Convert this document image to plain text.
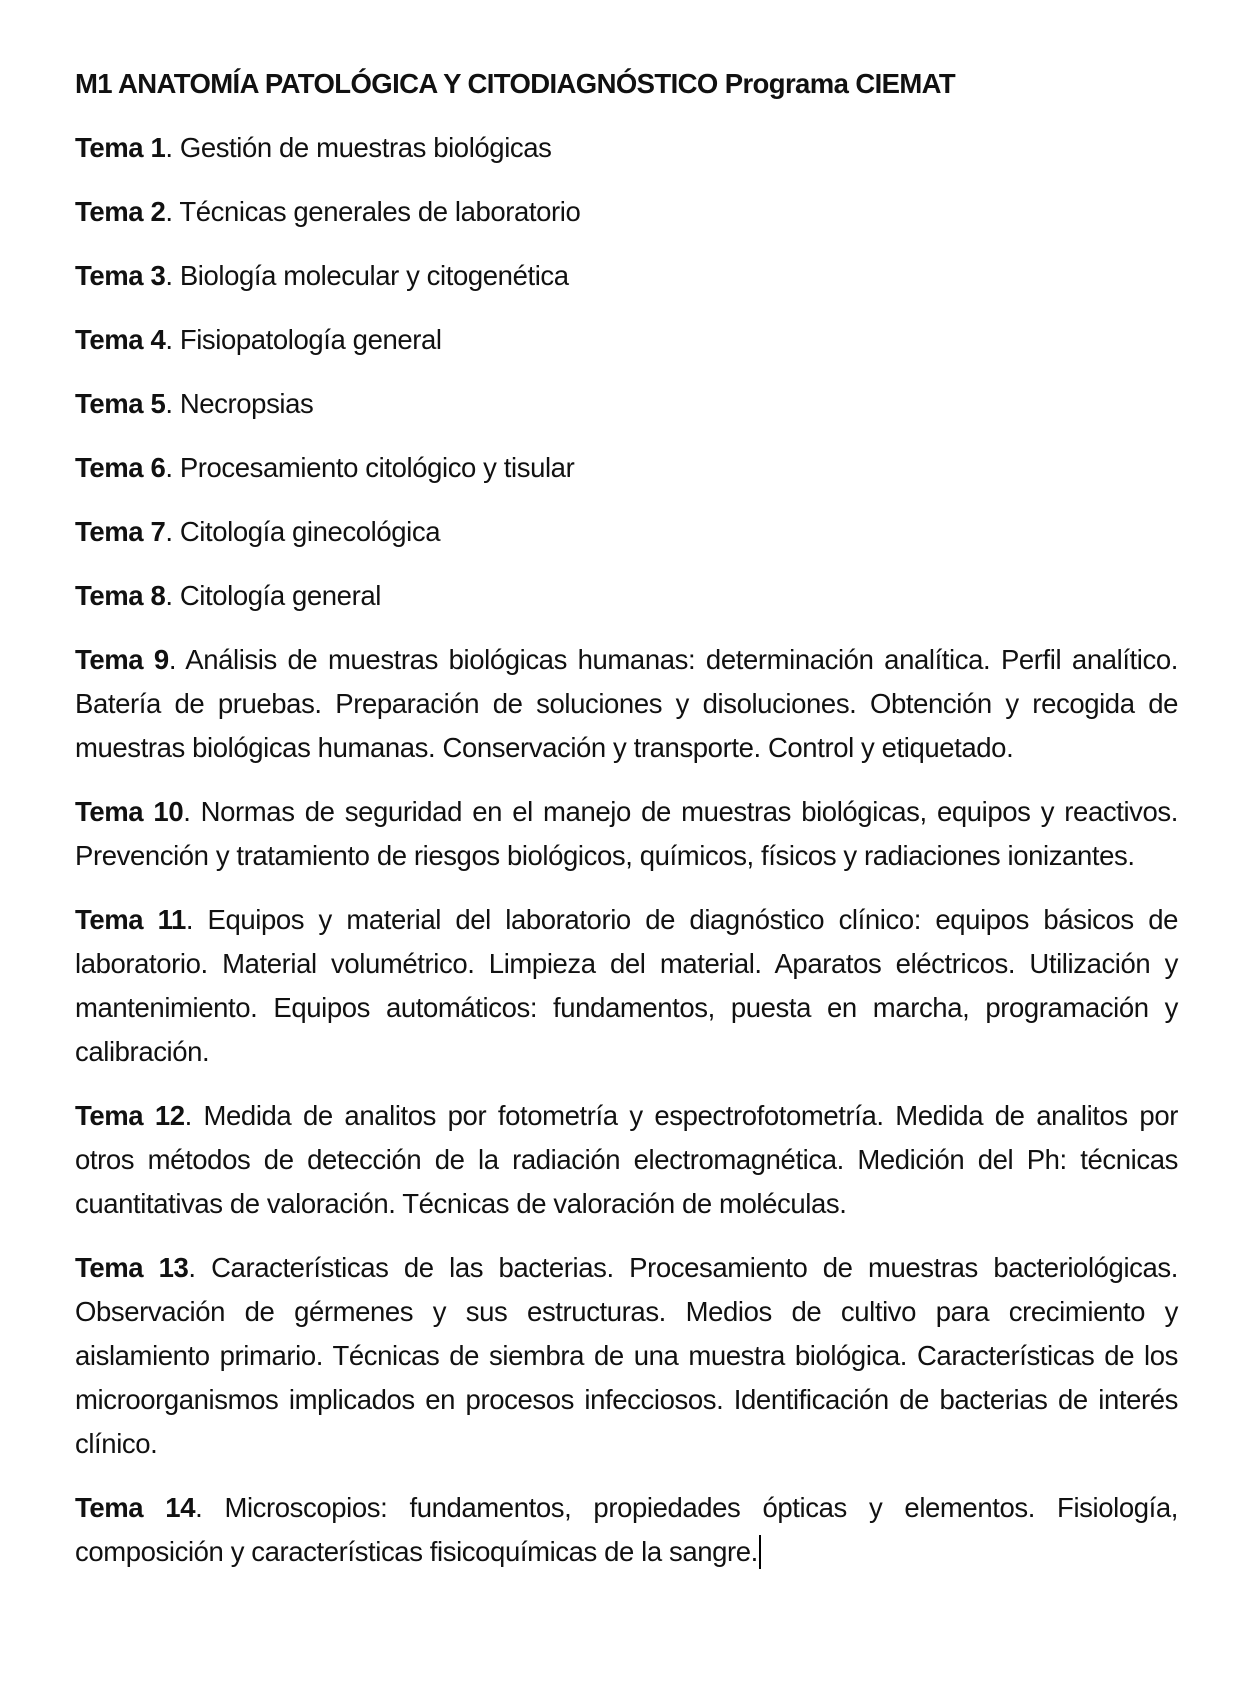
M1 ANATOMÍA PATOLÓGICA Y CITODIAGNÓSTICO Programa CIEMAT

Tema 1. Gestión de muestras biológicas

Tema 2. Técnicas generales de laboratorio

Tema 3. Biología molecular y citogenética

Tema 4. Fisiopatología general

Tema 5. Necropsias

Tema 6. Procesamiento citológico y tisular

Tema 7. Citología ginecológica

Tema 8. Citología general

Tema 9. Análisis de muestras biológicas humanas: determinación analítica. Perfil analítico. Batería de pruebas. Preparación de soluciones y disoluciones. Obtención y recogida de muestras biológicas humanas. Conservación y transporte. Control y etiquetado.

Tema 10. Normas de seguridad en el manejo de muestras biológicas, equipos y reactivos. Prevención y tratamiento de riesgos biológicos, químicos, físicos y radiaciones ionizantes.

Tema 11. Equipos y material del laboratorio de diagnóstico clínico: equipos básicos de laboratorio. Material volumétrico. Limpieza del material. Aparatos eléctricos. Utilización y mantenimiento. Equipos automáticos: fundamentos, puesta en marcha, programación y calibración.

Tema 12. Medida de analitos por fotometría y espectrofotometría. Medida de analitos por otros métodos de detección de la radiación electromagnética. Medición del Ph: técnicas cuantitativas de valoración. Técnicas de valoración de moléculas.

Tema 13. Características de las bacterias. Procesamiento de muestras bacteriológicas. Observación de gérmenes y sus estructuras. Medios de cultivo para crecimiento y aislamiento primario. Técnicas de siembra de una muestra biológica. Características de los microorganismos implicados en procesos infecciosos. Identificación de bacterias de interés clínico.

Tema 14. Microscopios: fundamentos, propiedades ópticas y elementos. Fisiología, composición y características fisicoquímicas de la sangre.
